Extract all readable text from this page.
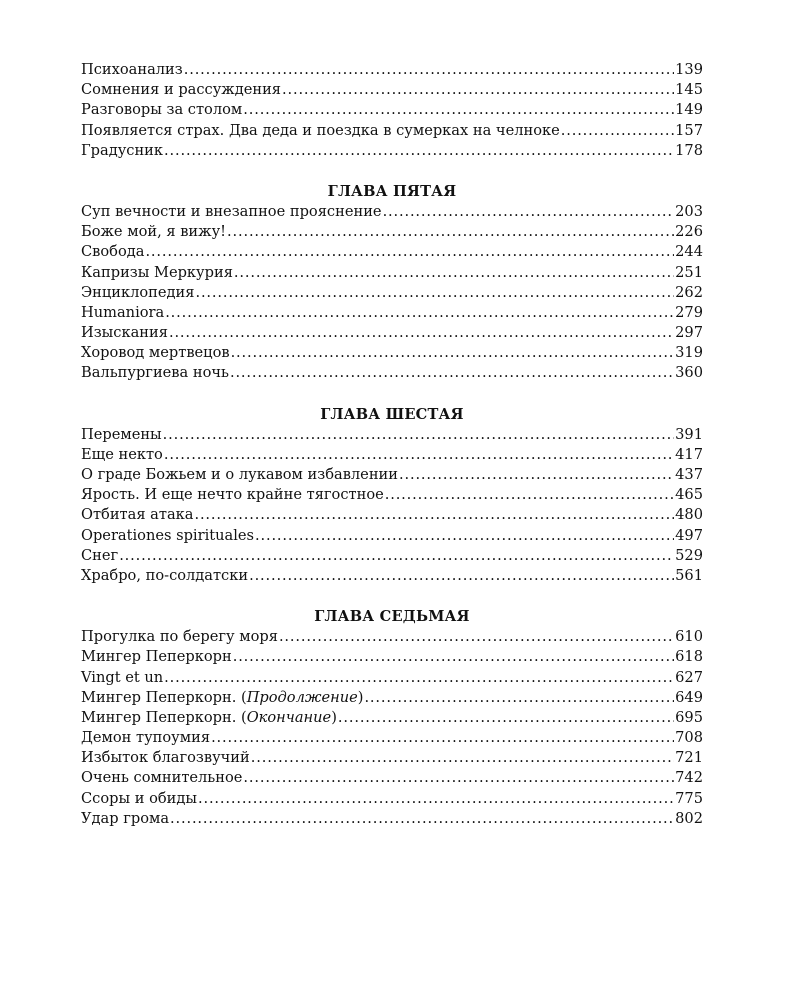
Психоанализ . . .	139
Сомнения и рассуждения . . .	145
Разговоры за столом . . .	149
Появляется страх. Два деда и поездка в сумерках на челноке . . .	157
Градусник . . .	178
ГЛАВА ПЯТАЯ
Суп вечности и внезапное прояснение . . .	203
Боже мой, я вижу! . . .	226
Свобода . . .	244
Капризы Меркурия . . .	251
Энциклопедия . . .	262
Humaniora . . .	279
Изыскания . . .	297
Хоровод мертвецов . . .	319
Вальпургиева ночь . . .	360
ГЛАВА ШЕСТАЯ
Перемены . . .	391
Еще некто . . .	417
О граде Божьем и о лукавом избавлении . . .	437
Ярость. И еще нечто крайне тягостное . . .	465
Отбитая атака . . .	480
Operationes spirituales . . .	497
Снег . . .	529
Храбро, по-солдатски . . .	561
ГЛАВА СЕДЬМАЯ
Прогулка по берегу моря . . .	610
Мингер Пеперкорн . . .	618
Vingt et un . . .	627
Мингер Пеперкорн. (Продолжение) . . .	649
Мингер Пеперкорн. (Окончание) . . .	695
Демон тупоумия . . .	708
Избыток благозвучий . . .	721
Очень сомнительное . . .	742
Ссоры и обиды . . .	775
Удар грома . . .	802
